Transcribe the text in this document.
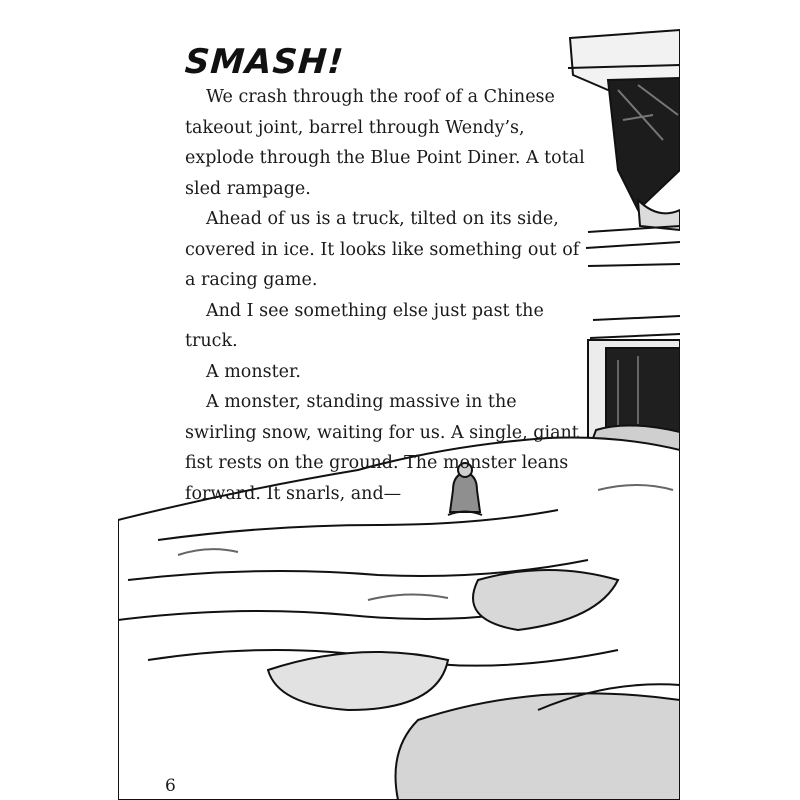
SMASH!

We crash through the roof of a Chinese takeout joint, barrel through Wendy’s, explode through the Blue Point Diner. A total sled rampage.

Ahead of us is a truck, tilted on its side, covered in ice. It looks like something out of a racing game.

And I see something else just past the truck.

A monster.

A monster, standing massive in the swirling snow, waiting for us. A single, giant fist rests on the ground. The monster leans forward. It snarls, and—

6
